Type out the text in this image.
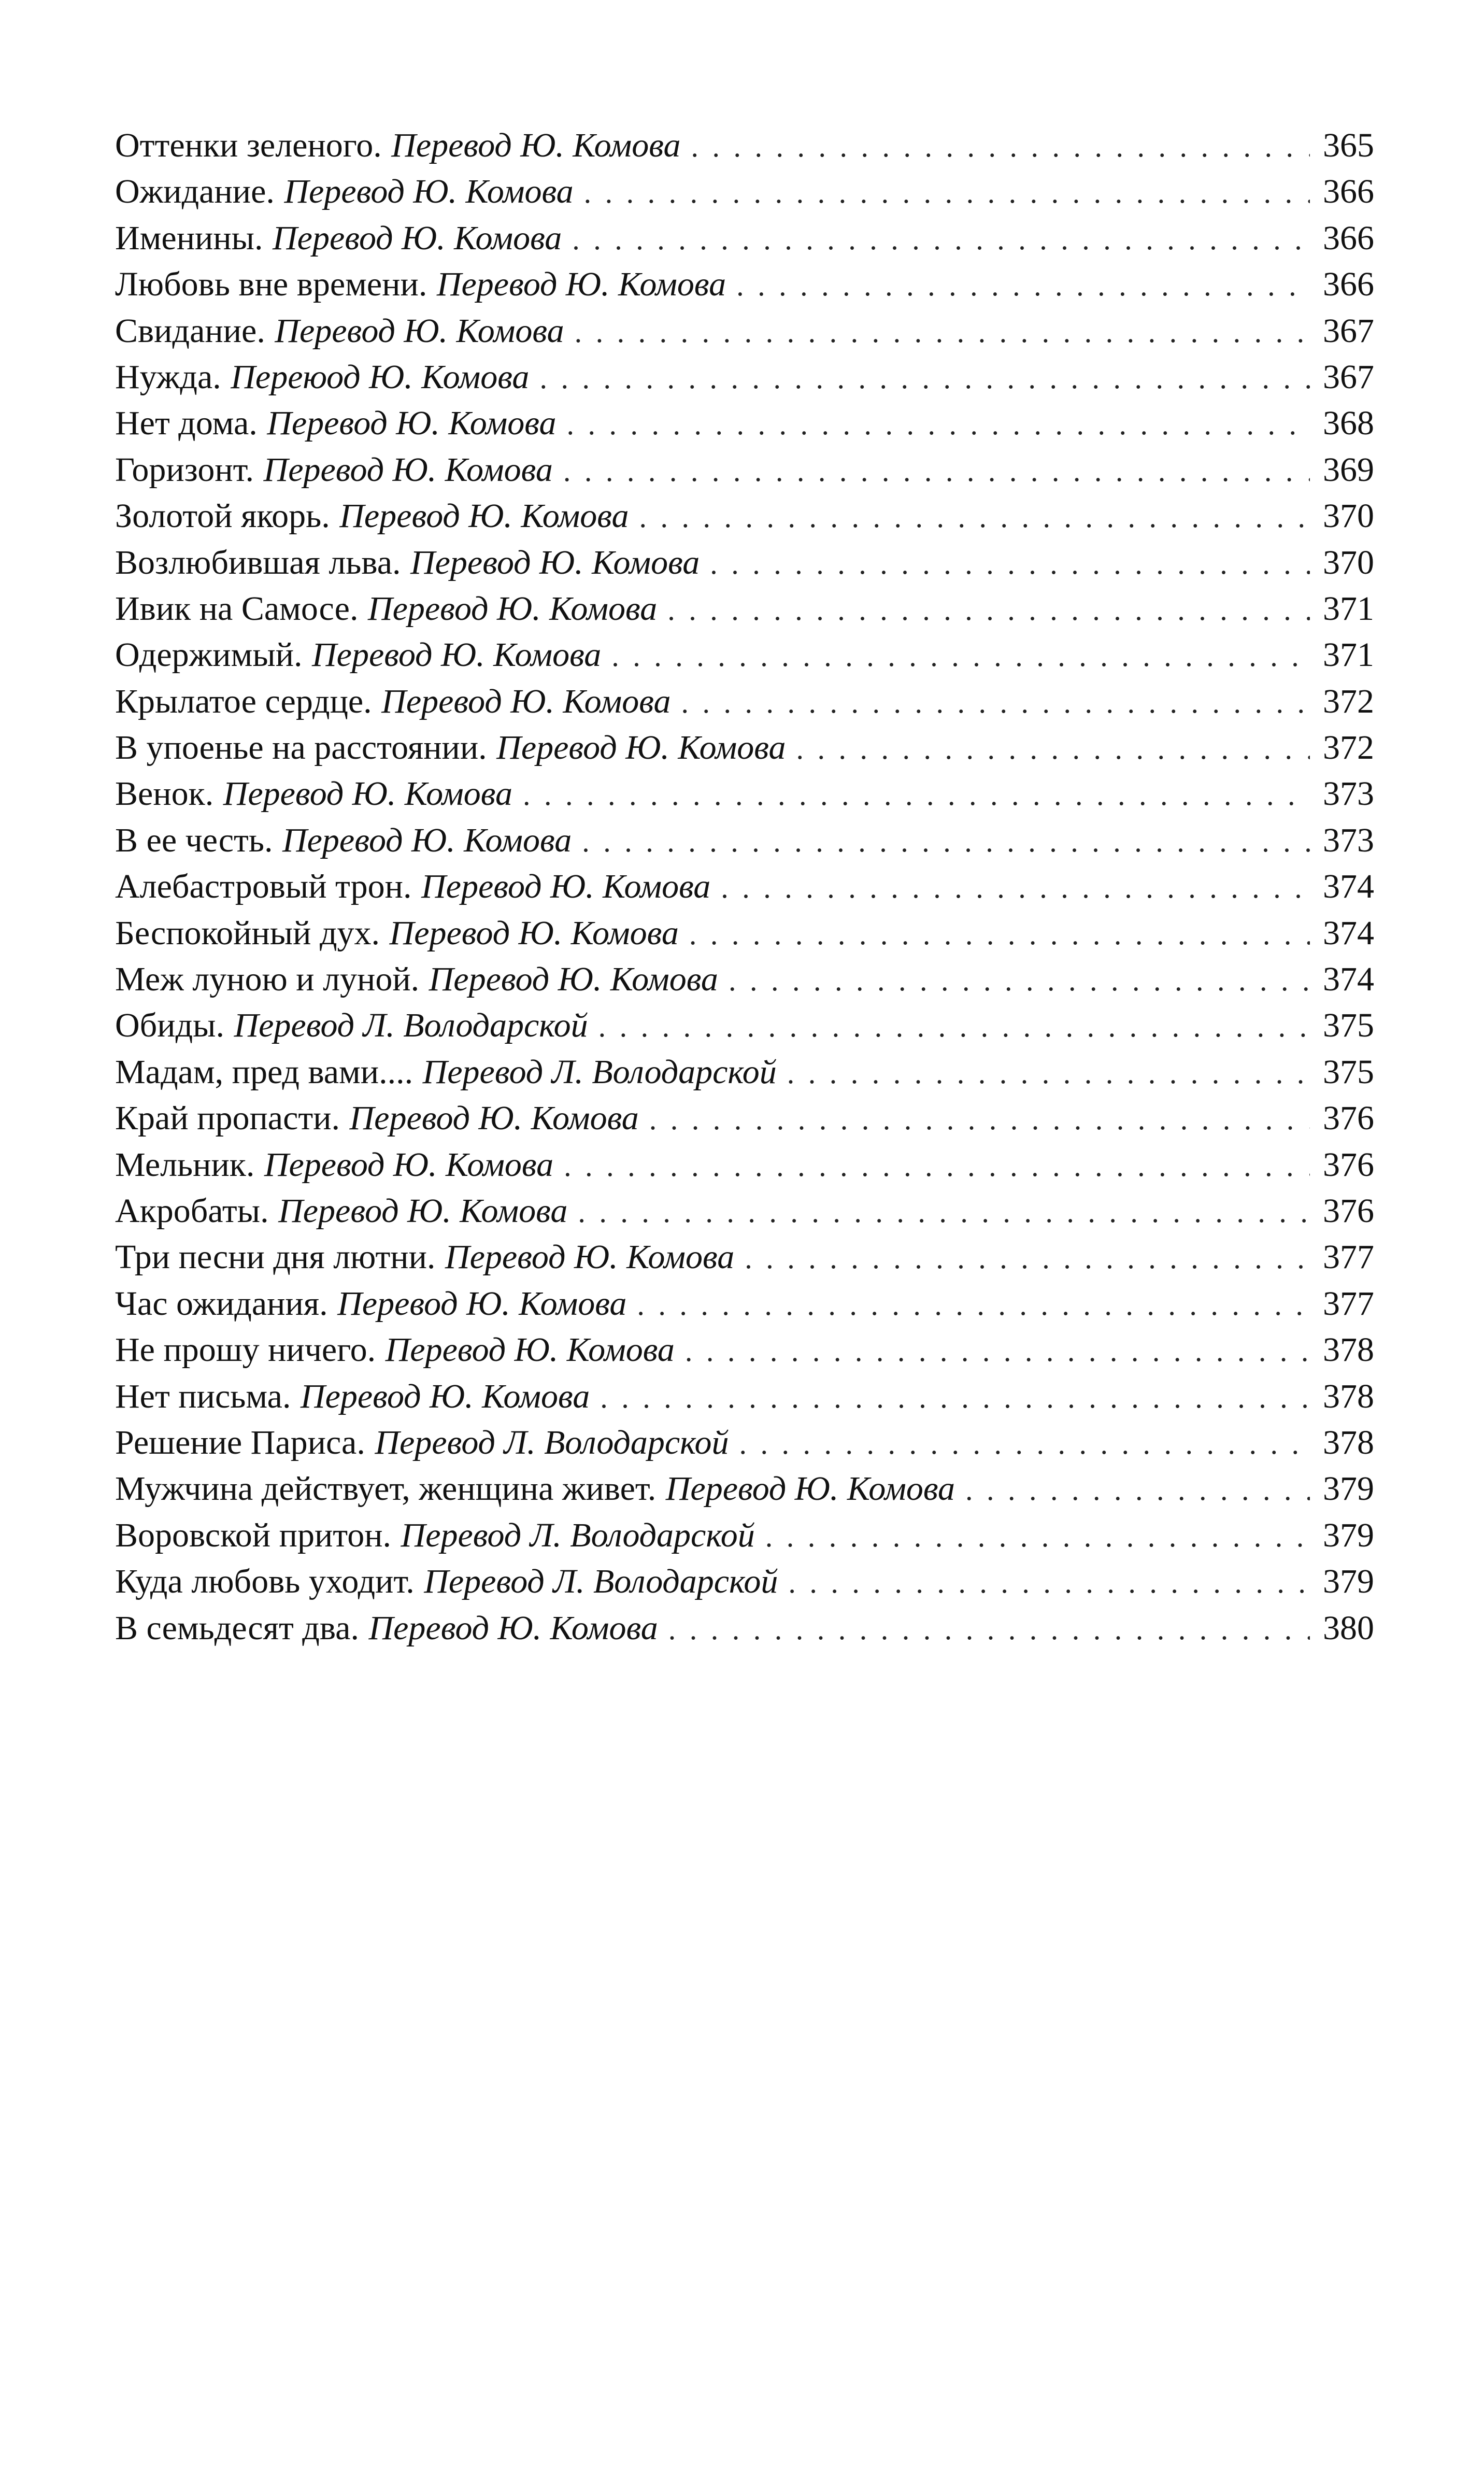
Оттенки зеленого. Перевод Ю. Комова . . .	365
Ожидание. Перевод Ю. Комова . . .	366
Именины. Перевод Ю. Комова . . .	366
Любовь вне времени. Перевод Ю. Комова . . .	366
Свидание. Перевод Ю. Комова . . .	367
Нужда. Переюод Ю. Комова . . .	367
Нет дома. Перевод Ю. Комова . . .	368
Горизонт. Перевод Ю. Комова . . .	369
Золотой якорь. Перевод Ю. Комова . . .	370
Возлюбившая льва. Перевод Ю. Комова . . .	370
Ивик на Самосе. Перевод Ю. Комова . . .	371
Одержимый. Перевод Ю. Комова . . .	371
Крылатое сердце. Перевод Ю. Комова . . .	372
В упоенье на расстоянии. Перевод Ю. Комова . . .	372
Венок. Перевод Ю. Комова . . .	373
В ее честь. Перевод Ю. Комова . . .	373
Алебастровый трон. Перевод Ю. Комова . . .	374
Беспокойный дух. Перевод Ю. Комова . . .	374
Меж луною и луной. Перевод Ю. Комова . . .	374
Обиды. Перевод Л. Володарской . . .	375
Мадам, пред вами.... Перевод Л. Володарской . . .	375
Край пропасти. Перевод Ю. Комова . . .	376
Мельник. Перевод Ю. Комова . . .	376
Акробаты. Перевод Ю. Комова . . .	376
Три песни дня лютни. Перевод Ю. Комова . . .	377
Час ожидания. Перевод Ю. Комова . . .	377
Не прошу ничего. Перевод Ю. Комова . . .	378
Нет письма. Перевод Ю. Комова . . .	378
Решение Париса. Перевод Л. Володарской . . .	378
Мужчина действует, женщина живет. Перевод Ю. Комова . . .	379
Воровской притон. Перевод Л. Володарской . . .	379
Куда любовь уходит. Перевод Л. Володарской . . .	379
В семьдесят два. Перевод Ю. Комова . . .	380
